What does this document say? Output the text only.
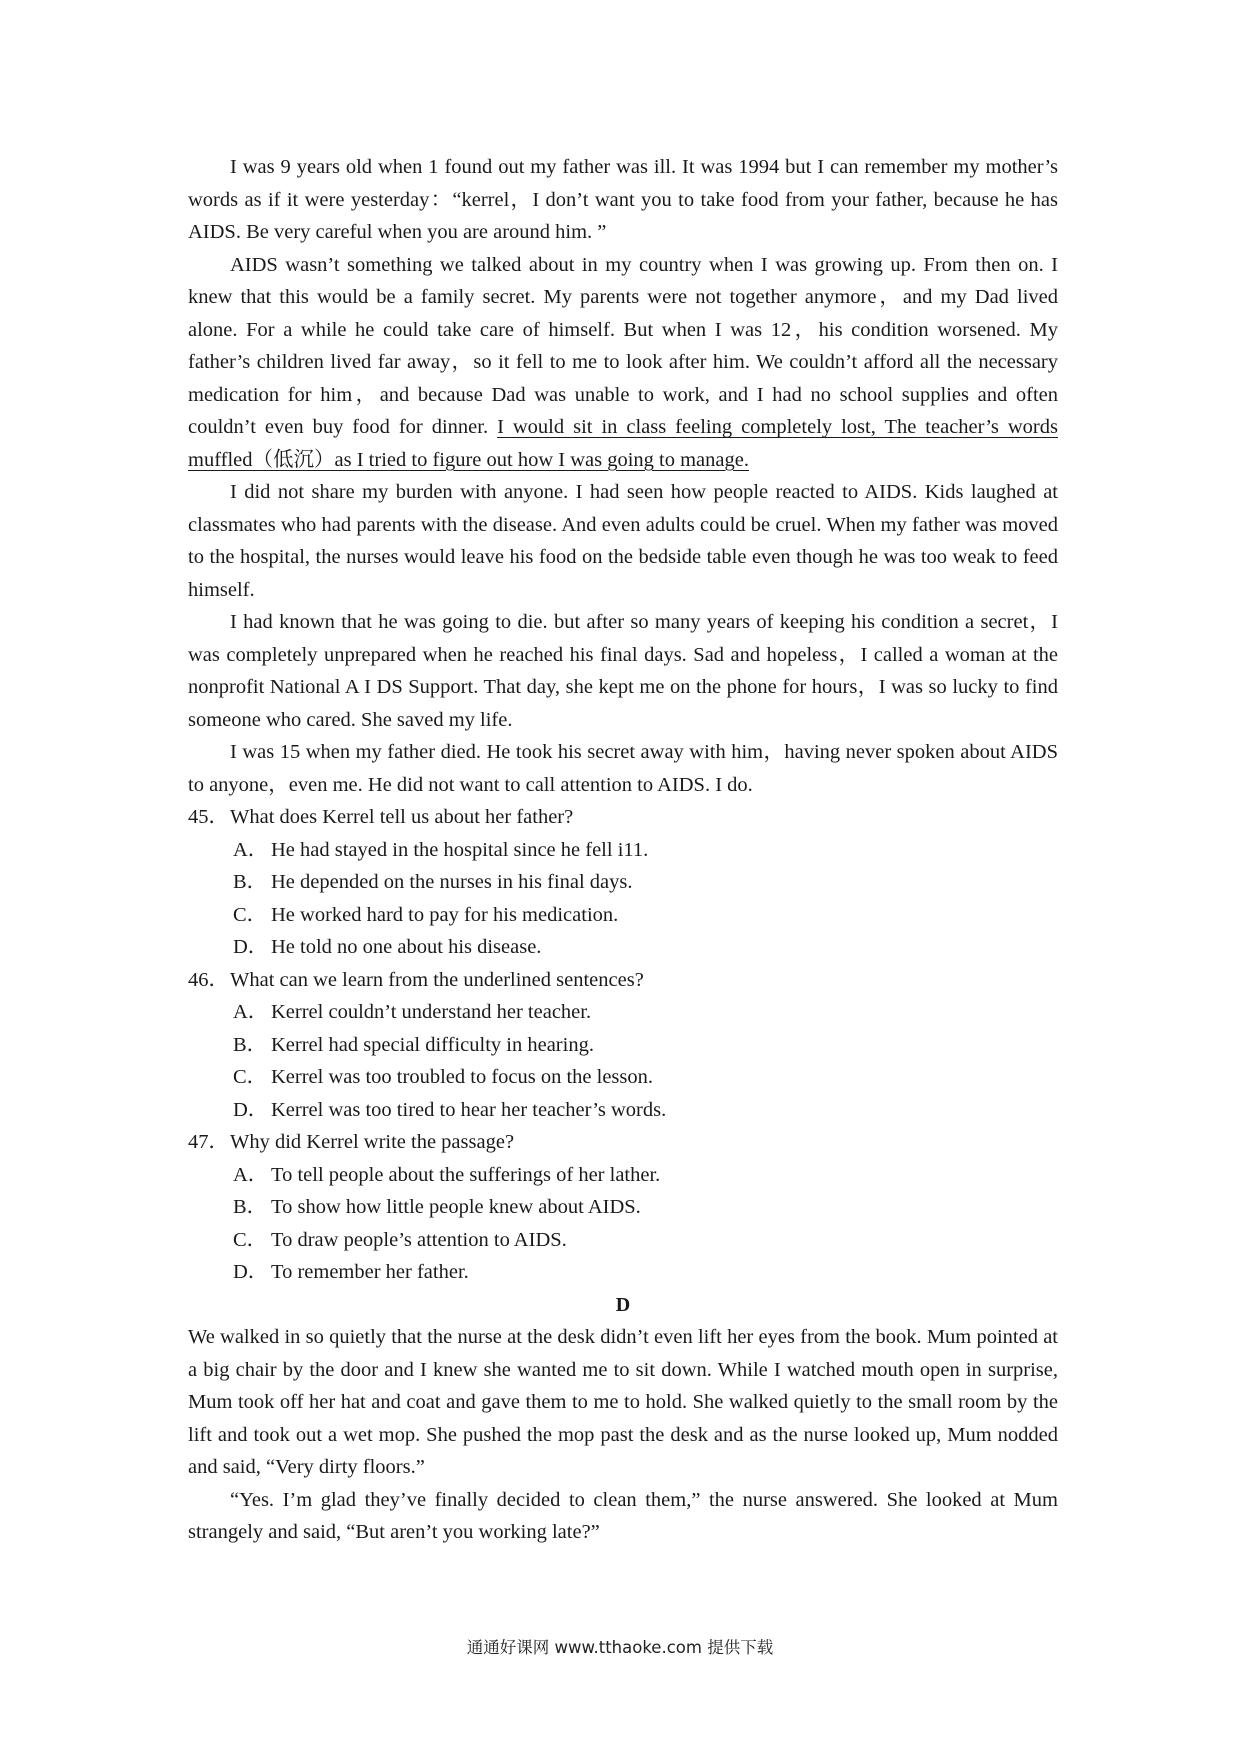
I was 9 years old when 1 found out my father was ill. It was 1994 but I can remember my mother’s words as if it were yesterday：“kerrel，I don’t want you to take food from your father, because he has AIDS. Be very careful when you are around him. ”

AIDS wasn’t something we talked about in my country when I was growing up. From then on. I knew that this would be a family secret. My parents were not together anymore，and my Dad lived alone. For a while he could take care of himself. But when I was 12，his condition worsened. My father’s children lived far away，so it fell to me to look after him. We couldn’t afford all the necessary medication for him，and because Dad was unable to work, and I had no school supplies and often couldn’t even buy food for dinner. I would sit in class feeling completely lost, The teacher’s words muffled（低沉）as I tried to figure out how I was going to manage.

I did not share my burden with anyone. I had seen how people reacted to AIDS. Kids laughed at classmates who had parents with the disease. And even adults could be cruel. When my father was moved to the hospital, the nurses would leave his food on the bedside table even though he was too weak to feed himself.

I had known that he was going to die. but after so many years of keeping his condition a secret，I was completely unprepared when he reached his final days. Sad and hopeless，I called a woman at the nonprofit National A I DS Support. That day, she kept me on the phone for hours，I was so lucky to find someone who cared. She saved my life.

I was 15 when my father died. He took his secret away with him，having never spoken about AIDS to anyone，even me. He did not want to call attention to AIDS. I do.

45．What does Kerrel tell us about her father?

A． He had stayed in the hospital since he fell i11.

B． He depended on the nurses in his final days.

C． He worked hard to pay for his medication.

D． He told no one about his disease.

46．What can we learn from the underlined sentences?

A． Kerrel couldn’t understand her teacher.

B． Kerrel had special difficulty in hearing.

C． Kerrel was too troubled to focus on the lesson.

D． Kerrel was too tired to hear her teacher’s words.

47．Why did Kerrel write the passage?

A． To tell people about the sufferings of her lather.

B． To show how little people knew about AIDS.

C． To draw people’s attention to AIDS.

D． To remember her father.

D

We walked in so quietly that the nurse at the desk didn’t even lift her eyes from the book. Mum pointed at a big chair by the door and I knew she wanted me to sit down. While I watched mouth open in surprise, Mum took off her hat and coat and gave them to me to hold. She walked quietly to the small room by the lift and took out a wet mop. She pushed the mop past the desk and as the nurse looked up, Mum nodded and said, “Very dirty floors.”

“Yes. I’m glad they’ve finally decided to clean them,” the nurse answered. She looked at Mum strangely and said, “But aren’t you working late?”

通通好课网 www.tthaoke.com 提供下载
